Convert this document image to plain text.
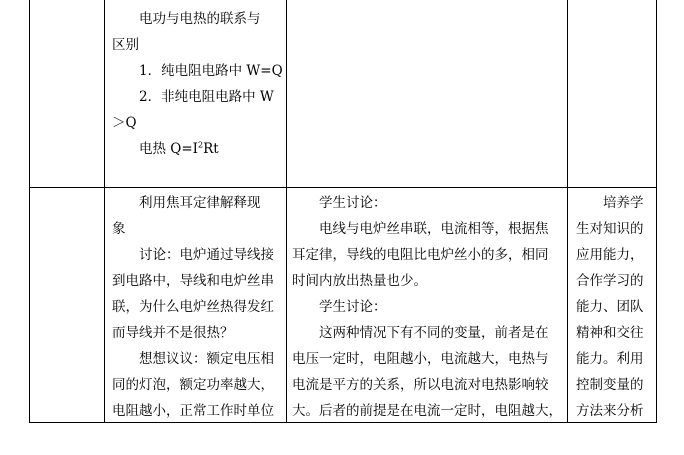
电功与电热的联系与

区别

1．纯电阻电路中 W=Q

2．非纯电阻电路中 W

＞Q

电热 $Q=I^2Rt$

利用焦耳定律解释现

象

讨论：电炉通过导线接

到电路中，导线和电炉丝串

联，为什么电炉丝热得发红

而导线并不是很热？

想想议议：额定电压相

同的灯泡，额定功率越大，

电阻越小，正常工作时单位

学生讨论：

电线与电炉丝串联，电流相等，根据焦

耳定律，导线的电阻比电炉丝小的多，相同

时间内放出热量也少。

学生讨论：

这两种情况下有不同的变量，前者是在

电压一定时，电阻越小，电流越大，电热与

电流是平方的关系，所以电流对电热影响较

大。后者的前提是在电流一定时，电阻越大，

培养学

生对知识的

应用能力，

合作学习的

能力、团队

精神和交往

能力。利用

控制变量的

方法来分析
